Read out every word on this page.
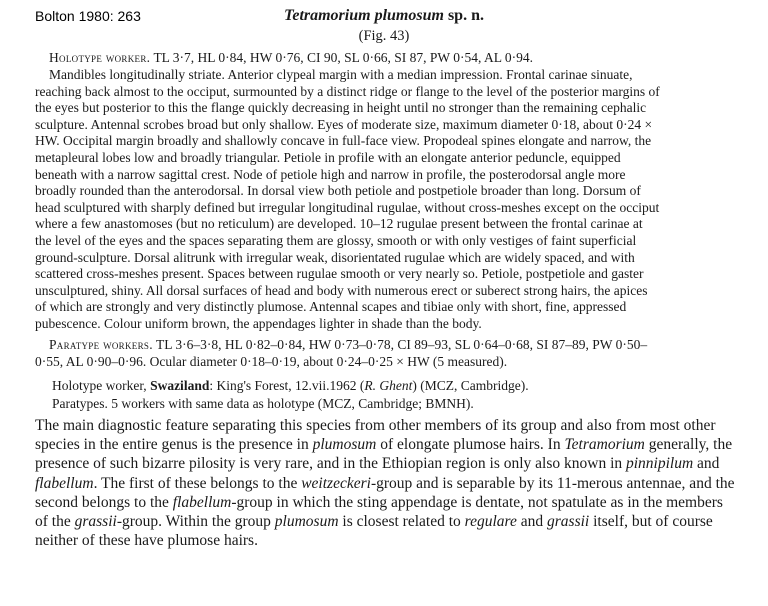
Bolton 1980: 263	Tetramorium plumosum sp. n.
(Fig. 43)
Holotype worker. TL 3·7, HL 0·84, HW 0·76, CI 90, SL 0·66, SI 87, PW 0·54, AL 0·94.
Mandibles longitudinally striate. Anterior clypeal margin with a median impression. Frontal carinae sinuate, reaching back almost to the occiput, surmounted by a distinct ridge or flange to the level of the posterior margins of the eyes but posterior to this the flange quickly decreasing in height until no stronger than the remaining cephalic sculpture. Antennal scrobes broad but only shallow. Eyes of moderate size, maximum diameter 0·18, about 0·24 × HW. Occipital margin broadly and shallowly concave in full-face view. Propodeal spines elongate and narrow, the metapleural lobes low and broadly triangular. Petiole in profile with an elongate anterior peduncle, equipped beneath with a narrow sagittal crest. Node of petiole high and narrow in profile, the posterodorsal angle more broadly rounded than the anterodorsal. In dorsal view both petiole and postpetiole broader than long. Dorsum of head sculptured with sharply defined but irregular longitudinal rugulae, without cross-meshes except on the occiput where a few anastomoses (but no reticulum) are developed. 10–12 rugulae present between the frontal carinae at the level of the eyes and the spaces separating them are glossy, smooth or with only vestiges of faint superficial ground-sculpture. Dorsal alitrunk with irregular weak, disorientated rugulae which are widely spaced, and with scattered cross-meshes present. Spaces between rugulae smooth or very nearly so. Petiole, postpetiole and gaster unsculptured, shiny. All dorsal surfaces of head and body with numerous erect or suberect strong hairs, the apices of which are strongly and very distinctly plumose. Antennal scapes and tibiae only with short, fine, appressed pubescence. Colour uniform brown, the appendages lighter in shade than the body.
Paratype workers. TL 3·6–3·8, HL 0·82–0·84, HW 0·73–0·78, CI 89–93, SL 0·64–0·68, SI 87–89, PW 0·50–0·55, AL 0·90–0·96. Ocular diameter 0·18–0·19, about 0·24–0·25 × HW (5 measured).
Holotype worker, Swaziland: King's Forest, 12.vii.1962 (R. Ghent) (MCZ, Cambridge).
Paratypes. 5 workers with same data as holotype (MCZ, Cambridge; BMNH).
The main diagnostic feature separating this species from other members of its group and also from most other species in the entire genus is the presence in plumosum of elongate plumose hairs. In Tetramorium generally, the presence of such bizarre pilosity is very rare, and in the Ethiopian region is only also known in pinnipilum and flabellum. The first of these belongs to the weitzeckeri-group and is separable by its 11-merous antennae, and the second belongs to the flabellum-group in which the sting appendage is dentate, not spatulate as in the members of the grassii-group. Within the group plumosum is closest related to regulare and grassii itself, but of course neither of these have plumose hairs.
